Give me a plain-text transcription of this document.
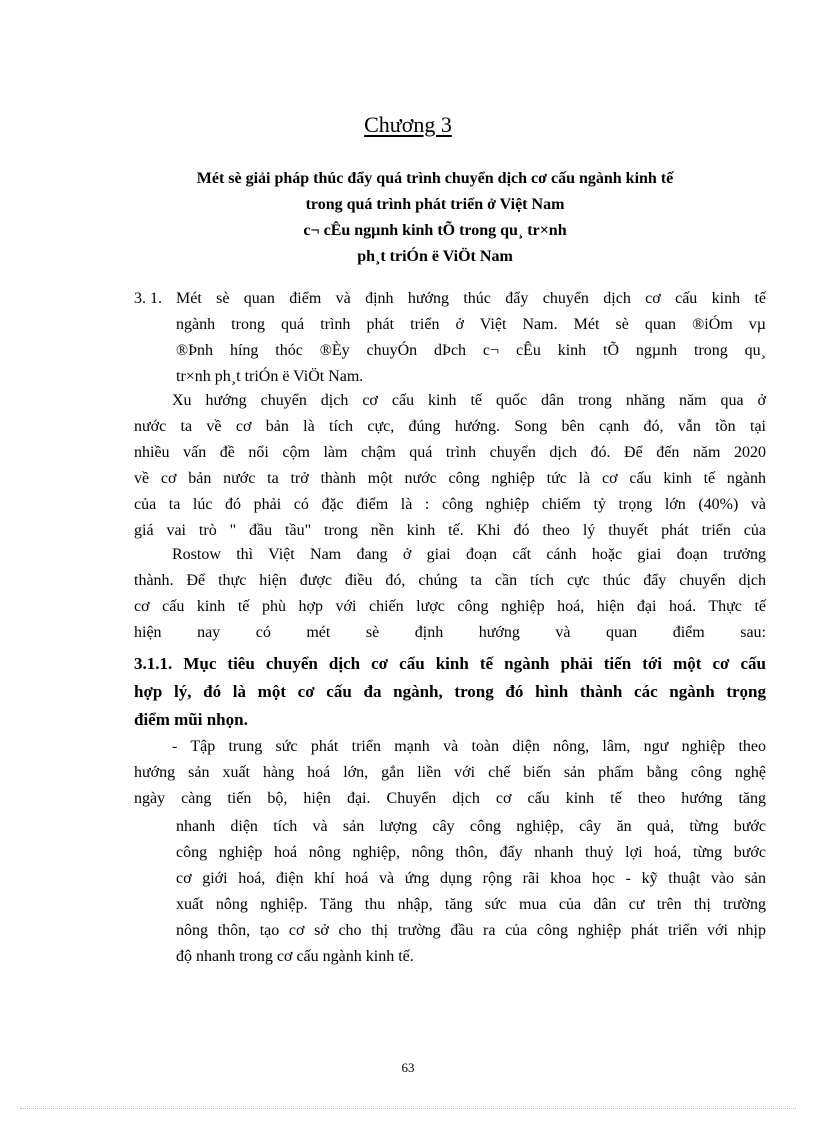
Chương 3
Mét sè giải pháp thúc đẩy quá trình chuyển dịch cơ cấu ngành kinh tế
trong quá trình phát triển ở Việt Nam
c¬ cÊu ngµnh kinh tÕ trong qu¸ tr×nh
ph¸t triÓn ë ViÖt Nam
3. 1. Mét sè quan điểm và định hướng thúc đẩy chuyển dịch cơ cấu kinh tế
ngành trong quá trình phát triển ở Việt Nam. Mét sè quan ®iÓm vµ
®Þnh híng thóc ®Èy chuyÓn dÞch c¬ cÊu kinh tÕ ngµnh trong qu¸
tr×nh ph¸t triÓn ë ViÖt Nam.
Xu hướng chuyển dịch cơ cấu kinh tế quốc dân trong nhăng năm qua ở
nước ta về cơ bản là tích cực, đúng hướng. Song bên cạnh đó, vẫn tồn tại
nhiều vấn đề nổi cộm làm chậm quá trình chuyển dịch đó. Để đến năm 2020
về cơ bản nước ta trở thành một nước công nghiệp tức là cơ cấu kinh tế ngành
của ta lúc đó phải có đặc điểm là : công nghiệp chiếm tỷ trọng lớn (40%) và
giá vai trò " đầu tầu" trong nền kinh tế. Khi đó theo lý thuyết phát triển của
Rostow thì Việt Nam đang ở giai đoạn cất cánh hoặc giai đoạn trưởng
thành. Để thực hiện được điều đó, chúng ta cần tích cực thúc đẩy chuyển dịch
cơ cấu kinh tế phù hợp với chiến lược công nghiệp hoá, hiện đại hoá. Thực tế
hiện nay có mét sè định hướng và quan điểm sau:
3.1.1. Mục tiêu chuyển dịch cơ cấu kinh tế ngành phải tiến tới một cơ cấu
hợp lý, đó là một cơ cấu đa ngành, trong đó hình thành các ngành trọng
điểm mũi nhọn.
- Tập trung sức phát triển mạnh và toàn diện nông, lâm, ngư nghiệp theo
hướng sản xuất hàng hoá lớn, gắn liền với chế biến sản phẩm bằng công nghệ
ngày càng tiến bộ, hiện đại. Chuyển dịch cơ cấu kinh tế theo hướng tăng
nhanh diện tích và sản lượng cây công nghiệp, cây ăn quả, từng bước
công nghiệp hoá nông nghiệp, nông thôn, đẩy nhanh thuỷ lợi hoá, từng bước
cơ giới hoá, điện khí hoá và ứng dụng rộng rãi khoa học - kỹ thuật vào sản
xuất nông nghiệp. Tăng thu nhập, tăng sức mua của dân cư trên thị trường
nông thôn, tạo cơ sở cho thị trường đầu ra của công nghiệp phát triển với nhịp
độ nhanh trong cơ cấu ngành kinh tế.
63
